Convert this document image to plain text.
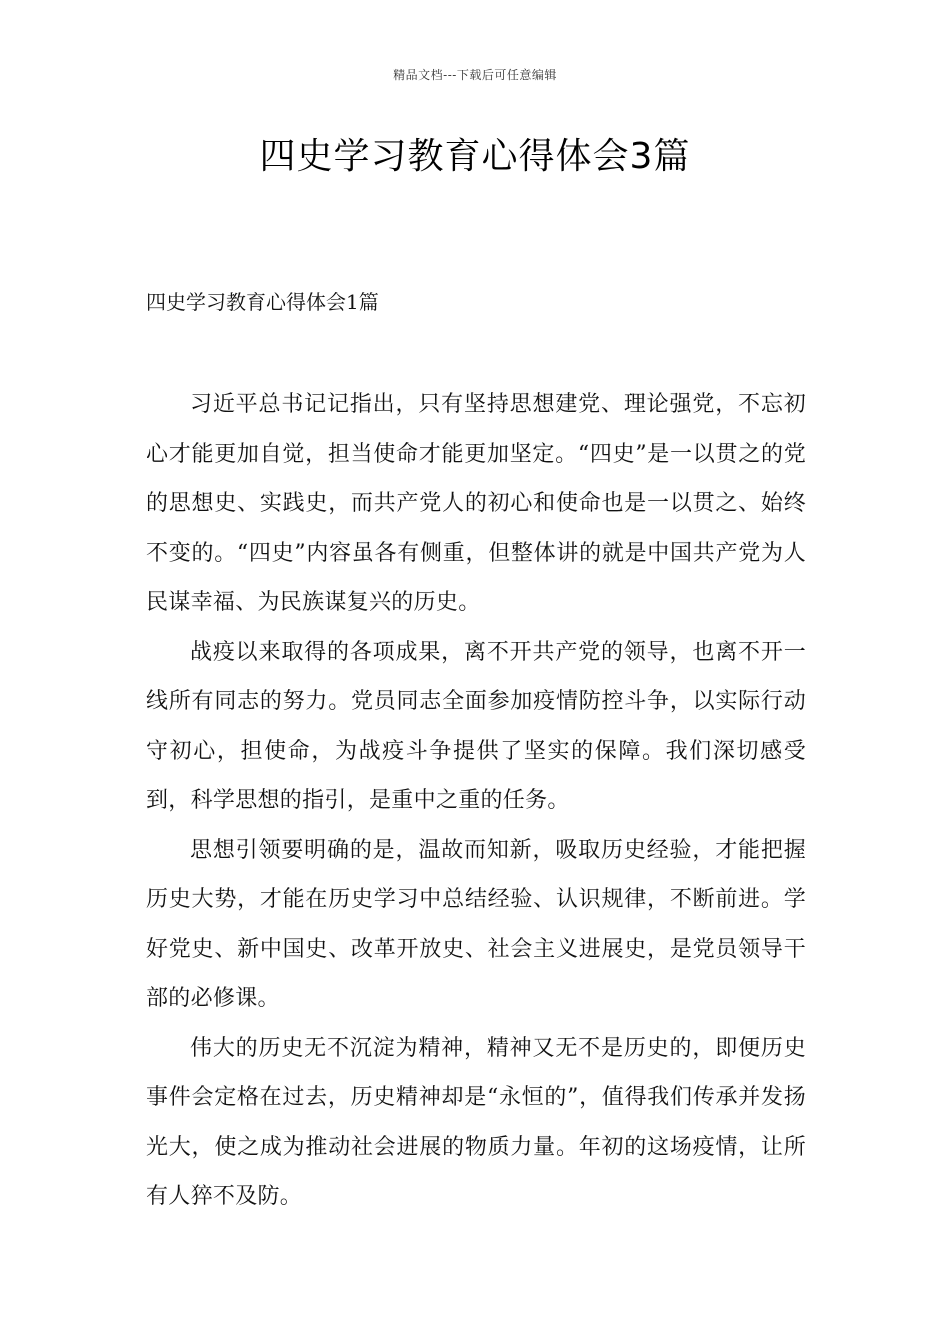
精品文档---下载后可任意编辑
四史学习教育心得体会3篇
四史学习教育心得体会1篇

习近平总书记记指出，只有坚持思想建党、理论强党，不忘初心才能更加自觉，担当使命才能更加坚定。“四史”是一以贯之的党的思想史、实践史，而共产党人的初心和使命也是一以贯之、始终不变的。“四史”内容虽各有侧重，但整体讲的就是中国共产党为人民谋幸福、为民族谋复兴的历史。

战疫以来取得的各项成果，离不开共产党的领导，也离不开一线所有同志的努力。党员同志全面参加疫情防控斗争，以实际行动守初心，担使命，为战疫斗争提供了坚实的保障。我们深切感受到，科学思想的指引，是重中之重的任务。

思想引领要明确的是，温故而知新，吸取历史经验，才能把握历史大势，才能在历史学习中总结经验、认识规律，不断前进。学好党史、新中国史、改革开放史、社会主义进展史，是党员领导干部的必修课。

伟大的历史无不沉淀为精神，精神又无不是历史的，即便历史事件会定格在过去，历史精神却是“永恒的”，值得我们传承并发扬光大，使之成为推动社会进展的物质力量。年初的这场疫情，让所有人猝不及防。
